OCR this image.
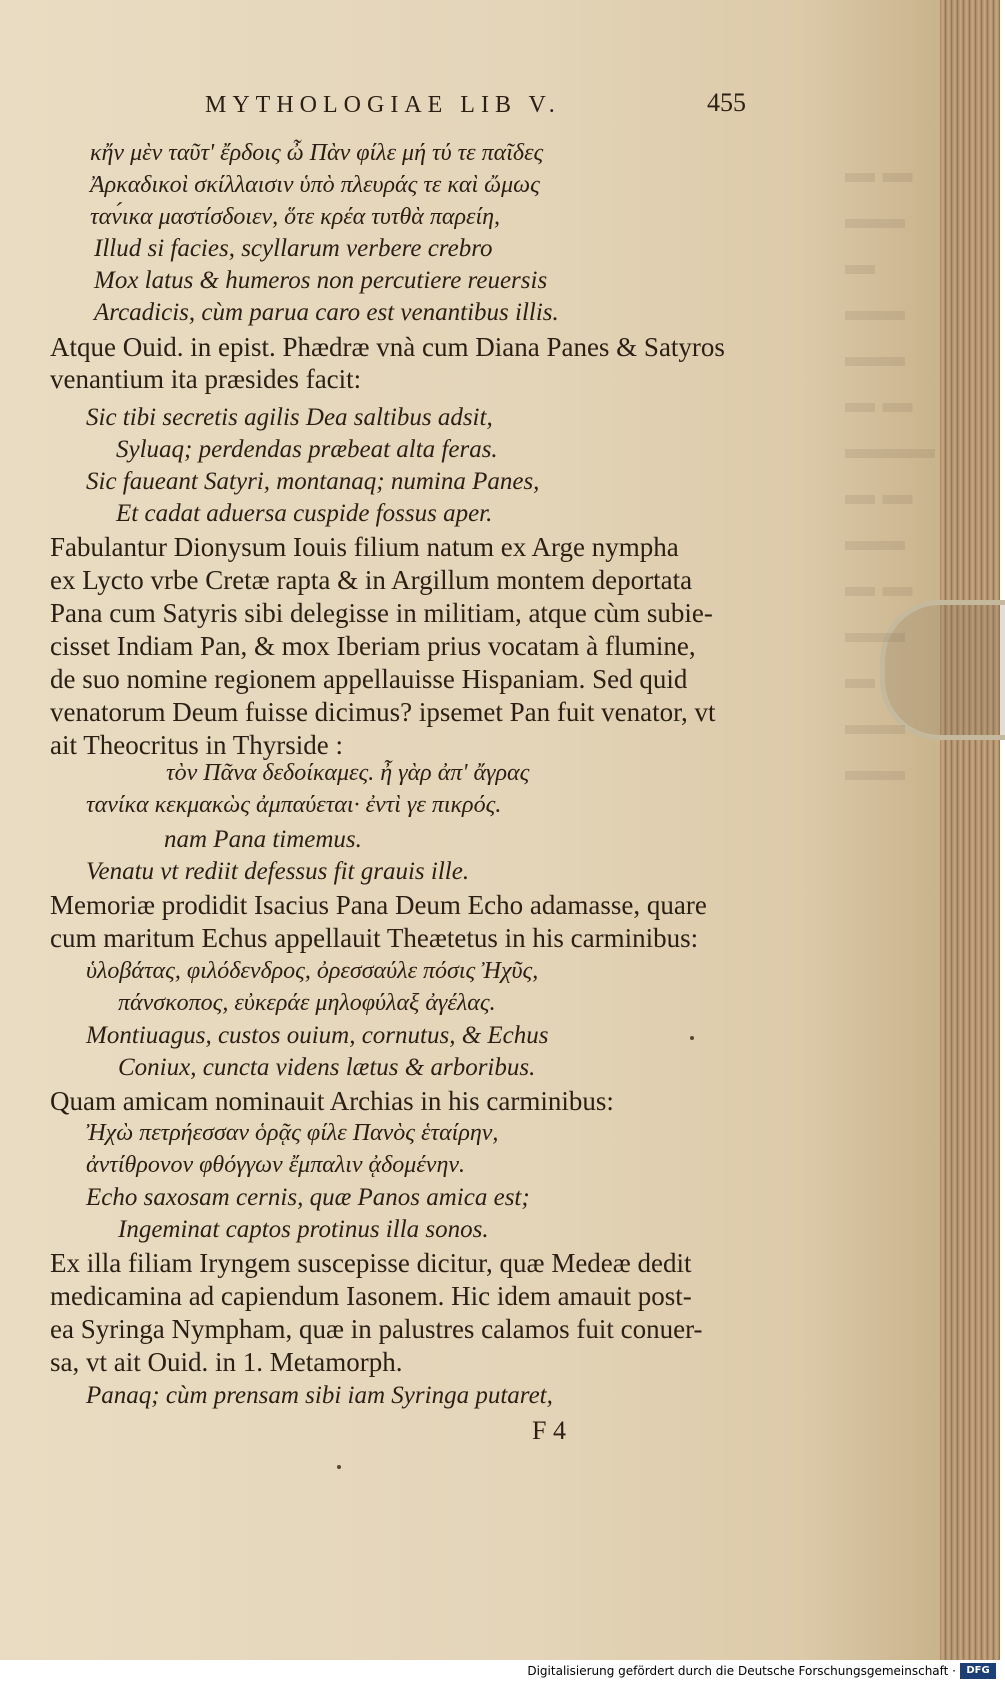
▬ ▬
▬▬
▬ ▬▬
▬▬
▬ ▬
▬▬▬
▬ ▬
▬▬
▬ ▬
▬▬
▬ ▬▬
▬▬
MYTHOLOGIAE LIB V.	455
κἤν μὲν ταῦτ' ἔρδοις ὦ Πὰν φίλε μή τύ τε παῖδες
Ἀρκαδικοὶ σκίλλαισιν ὑπὸ πλευράς τε καὶ ὤμως
ταν́ικα μαστίσδοιεν, ὅτε κρέα τυτθὰ παρείη,
Illud si facies, scyllarum verbere crebro
Mox latus & humeros non percutiere reuersis
Arcadicis, cùm parua caro est venantibus illis.
Atque Ouid. in epist. Phædræ vnà cum Diana Panes & Satyros
venantium ita præsides facit:
Sic tibi secretis agilis Dea saltibus adsit,
Syluaq; perdendas præbeat alta feras.
Sic faueant Satyri, montanaq; numina Panes,
Et cadat aduersa cuspide fossus aper.
Fabulantur Dionysum Iouis filium natum ex Arge nympha
ex Lycto vrbe Cretæ rapta & in Argillum montem deportata
Pana cum Satyris sibi delegisse in militiam, atque cùm subie-
cisset Indiam Pan, & mox Iberiam prius vocatam à flumine,
de suo nomine regionem appellauisse Hispaniam. Sed quid
venatorum Deum fuisse dicimus? ipsemet Pan fuit venator, vt
ait Theocritus in Thyrside :
τὸν Πᾶνα δεδοίκαμες. ἦ γὰρ ἀπ' ἄγρας
τανίκα κεκμακὼς ἀμπαύεται· ἐντὶ γε πικρός.
nam Pana timemus.
Venatu vt rediit defessus fit grauis ille.
Memoriæ prodidit Isacius Pana Deum Echo adamasse, quare
cum maritum Echus appellauit Theætetus in his carminibus:
ὑλοβάτας, φιλόδενδρος, ὀρεσσαύλε πόσις Ἠχῦς,
πάνσκοπος, εὐκεράε μηλοφύλαξ ἀγέλας.
Montiuagus, custos ouium, cornutus, & Echus
Coniux, cuncta videns lætus & arboribus.
Quam amicam nominauit Archias in his carminibus:
Ἠχὼ πετρήεσσαν ὁρᾷς φίλε Πανὸς ἑταίρην,
ἀντίθρονον φθόγγων ἔμπαλιν ᾀδομένην.
Echo saxosam cernis, quæ Panos amica est;
Ingeminat captos protinus illa sonos.
Ex illa filiam Iryngem suscepisse dicitur, quæ Medeæ dedit
medicamina ad capiendum Iasonem. Hic idem amauit post-
ea Syringa Nympham, quæ in palustres calamos fuit conuer-
sa, vt ait Ouid. in 1. Metamorph.
Panaq; cùm prensam sibi iam Syringa putaret,
F 4
Digitalisierung gefördert durch die Deutsche Forschungsgemeinschaft ·	DFG
